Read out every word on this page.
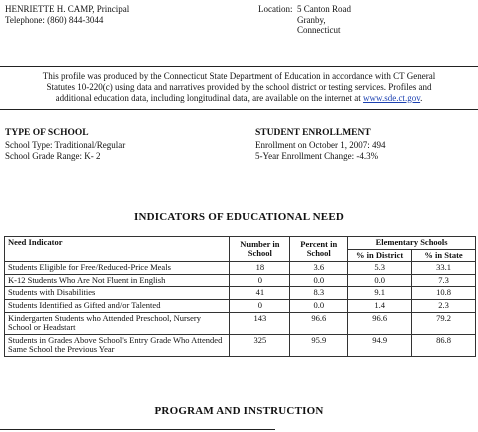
HENRIETTE H. CAMP, Principal
Telephone: (860) 844-3044
Location: 5 Canton Road
Granby,
Connecticut
This profile was produced by the Connecticut State Department of Education in accordance with CT General
Statutes 10-220(c) using data and narratives provided by the school district or testing services. Profiles and
additional education data, including longitudinal data, are available on the internet at www.sde.ct.gov.
TYPE OF SCHOOL
School Type: Traditional/Regular
School Grade Range: K- 2
STUDENT ENROLLMENT
Enrollment on October 1, 2007: 494
5-Year Enrollment Change: -4.3%
INDICATORS OF EDUCATIONAL NEED
Need Indicator	Number in School	Percent in School	Elementary Schools	
			% in District	% in State
Students Eligible for Free/Reduced-Price Meals	18	3.6	5.3	33.1
K-12 Students Who Are Not Fluent in English	0	0.0	0.0	7.3
Students with Disabilities	41	8.3	9.1	10.8
Students Identified as Gifted and/or Talented	0	0.0	1.4	2.3
Kindergarten Students who Attended Preschool, Nursery School or Headstart	143	96.6	96.6	79.2
Students in Grades Above School's Entry Grade Who Attended Same School the Previous Year	325	95.9	94.9	86.8
PROGRAM AND INSTRUCTION
